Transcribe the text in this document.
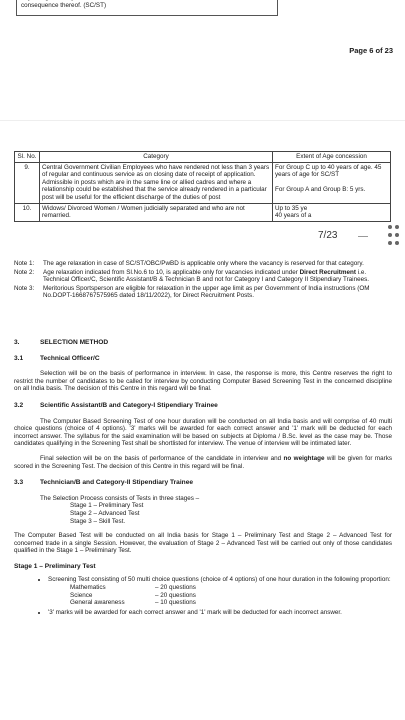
consequence thereof. (SC/ST)
Page 6 of 23
Sl. No.	Category	Extent of Age concession
9.	Central Government Civilian Employees who have rendered not less than 3 years of regular and continuous service as on closing date of receipt of application. Admissible in posts which are in the same line or allied cadres and where a relationship could be established that the service already rendered in a particular post will be useful for the efficient discharge of the duties of post	For Group C up to 40 years of age. 45 years of age for SC/ST
For Group A and Group B: 5 yrs.

10.	Widows/ Divorced Women / Women judicially separated and who are not remarried.	Up to 35 ye
40 years of a
7/23
Note 1:	The age relaxation in case of SC/ST/OBC/PwBD is applicable only where the vacancy is reserved for that category.
Note 2:	Age relaxation indicated from Sl.No.6 to 10, is applicable only for vacancies indicated under Direct Recruitment i.e. Technical Officer/C, Scientific Assistant/B & Technician B and not for Category I and Category II Stipendiary Trainees.
Note 3:	Meritorious Sportsperson are eligible for relaxation in the upper age limit as per Government of India instructions (OM No.DOPT-1668767575965 dated 18/11/2022), for Direct Recruitment Posts.
3.	SELECTION METHOD
3.1	Technical Officer/C

Selection will be on the basis of performance in interview. In case, the response is more, this Centre reserves the right to restrict the number of candidates to be called for interview by conducting Computer Based Screening Test in the concerned discipline on all India basis. The decision of this Centre in this regard will be final.

3.2	Scientific Assistant/B and Category-I Stipendiary Trainee

The Computer Based Screening Test of one hour duration will be conducted on all India basis and will comprise of 40 multi choice questions (choice of 4 options). '3' marks will be awarded for each correct answer and '1' mark will be deducted for each incorrect answer. The syllabus for the said examination will be based on subjects at Diploma / B.Sc. level as the case may be. Those candidates qualifying in the Screening Test shall be shortlisted for interview. The venue of interview will be intimated later.

Final selection will be on the basis of performance of the candidate in interview and no weightage will be given for marks scored in the Screening Test. The decision of this Centre in this regard will be final.

3.3	Technician/B and Category-II Stipendiary Trainee

The Selection Process consists of Tests in three stages –

Stage 1 – Preliminary Test
Stage 2 – Advanced Test
Stage 3 – Skill Test.

The Computer Based Test will be conducted on all India basis for Stage 1 – Preliminary Test and Stage 2 – Advanced Test for concerned trade in a single Session. However, the evaluation of Stage 2 – Advanced Test will be carried out only of those candidates qualified in the Stage 1 – Preliminary Test.

Stage 1 – Preliminary Test
• Screening Test consisting of 50 multi choice questions (choice of 4 options) of one hour duration in the following proportion:
Mathematics	– 20 questions
Science	– 20 questions
General awareness	– 10 questions
• '3' marks will be awarded for each correct answer and '1' mark will be deducted for each incorrect answer.
